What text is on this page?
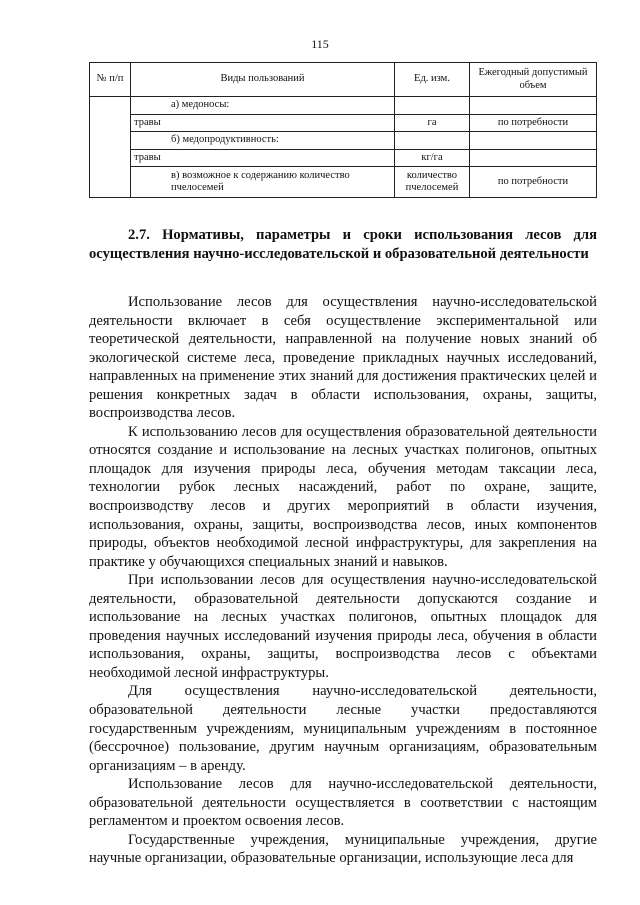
115
№ п/п	Виды пользований	Ед. изм.	Ежегодный допустимый объем
	а) медоносы:		
	травы	га	по потребности
	б) медопродуктивность:		
	травы	кг/га	
	в) возможное к содержанию количество пчелосемей	количество пчелосемей	по потребности
2.7. Нормативы, параметры и сроки использования лесов для осуществления научно-исследовательской и образовательной деятельности

Использование лесов для осуществления научно-исследовательской деятельности включает в себя осуществление экспериментальной или теоретической деятельности, направленной на получение новых знаний об экологической системе леса, проведение прикладных научных исследований, направленных на применение этих знаний для достижения практических целей и решения конкретных задач в области использования, охраны, защиты, воспроизводства лесов.

К использованию лесов для осуществления образовательной деятельности относятся создание и использование на лесных участках полигонов, опытных площадок для изучения природы леса, обучения методам таксации леса, технологии рубок лесных насаждений, работ по охране, защите, воспроизводству лесов и других мероприятий в области изучения, использования, охраны, защиты, воспроизводства лесов, иных компонентов природы, объектов необходимой лесной инфраструктуры, для закрепления на практике у обучающихся специальных знаний и навыков.

При использовании лесов для осуществления научно-исследовательской деятельности, образовательной деятельности допускаются создание и использование на лесных участках полигонов, опытных площадок для проведения научных исследований изучения природы леса, обучения в области использования, охраны, защиты, воспроизводства лесов с объектами необходимой лесной инфраструктуры.

Для осуществления научно-исследовательской деятельности, образовательной деятельности лесные участки предоставляются государственным учреждениям, муниципальным учреждениям в постоянное (бессрочное) пользование, другим научным организациям, образовательным организациям – в аренду.

Использование лесов для научно-исследовательской деятельности, образовательной деятельности осуществляется в соответствии с настоящим регламентом и проектом освоения лесов.

Государственные учреждения, муниципальные учреждения, другие научные организации, образовательные организации, использующие леса для
